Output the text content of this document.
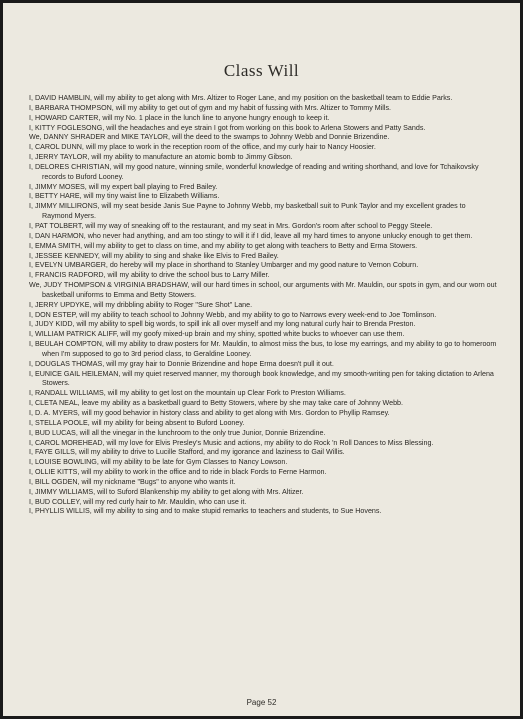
Class Will
I, DAVID HAMBLIN, will my ability to get along with Mrs. Altizer to Roger Lane, and my position on the basketball team to Eddie Parks.
I, BARBARA THOMPSON, will my ability to get out of gym and my habit of fussing with Mrs. Altizer to Tommy Mills.
I, HOWARD CARTER, will my No. 1 place in the lunch line to anyone hungry enough to keep it.
I, KITTY FOGLESONG, will the headaches and eye strain I got from working on this book to Arlena Stowers and Patty Sands.
We, DANNY SHRADER and MIKE TAYLOR, will the deed to the swamps to Johnny Webb and Donnie Brizendine.
I, CAROL DUNN, will my place to work in the reception room of the office, and my curly hair to Nancy Hoosier.
I, JERRY TAYLOR, will my ability to manufacture an atomic bomb to Jimmy Gibson.
I, DELORES CHRISTIAN, will my good nature, winning smile, wonderful knowledge of reading and writing shorthand, and love for Tchaikovsky records to Buford Looney.
I, JIMMY MOSES, will my expert ball playing to Fred Bailey.
I, BETTY HARE, will my tiny waist line to Elizabeth Williams.
I, JIMMY MILLIRONS, will my seat beside Janis Sue Payne to Johnny Webb, my basketball suit to Punk Taylor and my excellent grades to Raymond Myers.
I, PAT TOLBERT, will my way of sneaking off to the restaurant, and my seat in Mrs. Gordon's room after school to Peggy Steele.
I, DAN HARMON, who never had anything, and am too stingy to will it if I did, leave all my hard times to anyone unlucky enough to get them.
I, EMMA SMITH, will my ability to get to class on time, and my ability to get along with teachers to Betty and Erma Stowers.
I, JESSEE KENNEDY, will my ability to sing and shake like Elvis to Fred Bailey.
I, EVELYN UMBARGER, do hereby will my place in shorthand to Stanley Umbarger and my good nature to Vernon Coburn.
I, FRANCIS RADFORD, will my ability to drive the school bus to Larry Miller.
We, JUDY THOMPSON & VIRGINIA BRADSHAW, will our hard times in school, our arguments with Mr. Mauldin, our spots in gym, and our worn out basketball uniforms to Emma and Betty Stowers.
I, JERRY UPDYKE, will my dribbling ability to Roger "Sure Shot" Lane.
I, DON ESTEP, will my ability to teach school to Johnny Webb, and my ability to go to Narrows every week-end to Joe Tomlinson.
I, JUDY KIDD, will my ability to spell big words, to spill ink all over myself and my long natural curly hair to Brenda Preston.
I, WILLIAM PATRICK ALIFF, will my goofy mixed-up brain and my shiny, spotted white bucks to whoever can use them.
I, BEULAH COMPTON, will my ability to draw posters for Mr. Mauldin, to almost miss the bus, to lose my earrings, and my ability to go to homeroom when I'm supposed to go to 3rd period class, to Geraldine Looney.
I, DOUGLAS THOMAS, will my gray hair to Donnie Brizendine and hope Erma doesn't pull it out.
I, EUNICE GAIL HEILEMAN, will my quiet reserved manner, my thorough book knowledge, and my smooth-writing pen for taking dictation to Arlena Stowers.
I, RANDALL WILLIAMS, will my ability to get lost on the mountain up Clear Fork to Preston Williams.
I, CLETA NEAL, leave my ability as a basketball guard to Betty Stowers, where by she may take care of Johnny Webb.
I, D. A. MYERS, will my good behavior in history class and ability to get along with Mrs. Gordon to Phyllip Ramsey.
I, STELLA POOLE, will my ability for being absent to Buford Looney.
I, BUD LUCAS, will all the vinegar in the lunchroom to the only true Junior, Donnie Brizendine.
I, CAROL MOREHEAD, will my love for Elvis Presley's Music and actions, my ability to do Rock 'n Roll Dances to Miss Blessing.
I, FAYE GILLS, will my ability to drive to Lucille Stafford, and my igorance and laziness to Gail Willis.
I, LOUISE BOWLING, will my ability to be late for Gym Classes to Nancy Lowson.
I, OLLIE KITTS, will my ability to work in the office and to ride in black Fords to Ferne Harmon.
I, BILL OGDEN, will my nickname "Bugs" to anyone who wants it.
I, JIMMY WILLIAMS, will to Suford Blankenship my ability to get along with Mrs. Altizer.
I, BUD COLLEY, will my red curly hair to Mr. Mauldin, who can use it.
I, PHYLLIS WILLIS, will my ability to sing and to make stupid remarks to teachers and students, to Sue Hovens.
Page 52
